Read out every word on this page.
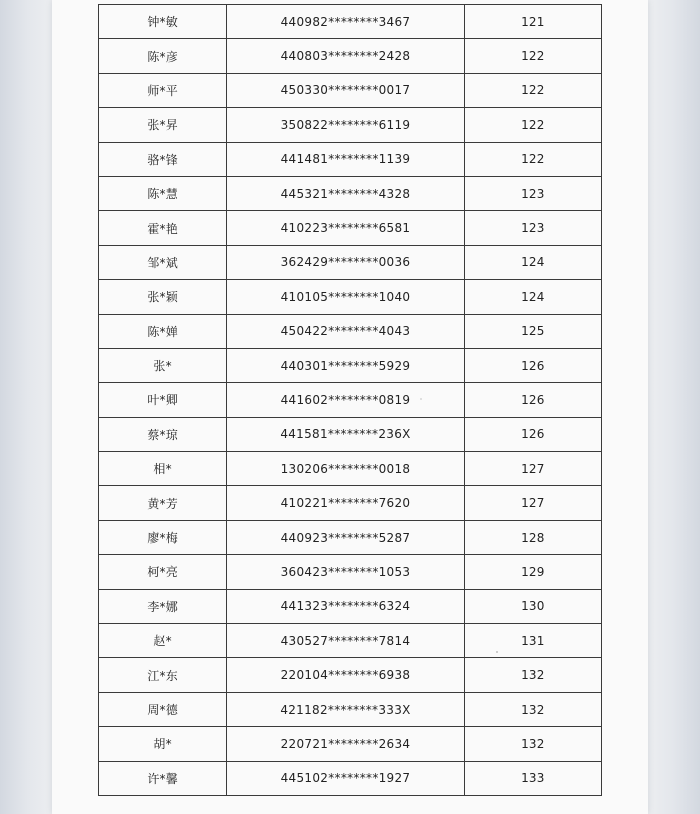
钟*敏	440982********3467	121
陈*彦	440803********2428	122
师*平	450330********0017	122
张*昇	350822********6119	122
骆*锋	441481********1139	122
陈*慧	445321********4328	123
霍*艳	410223********6581	123
邹*斌	362429********0036	124
张*颖	410105********1040	124
陈*婵	450422********4043	125
张*	440301********5929	126
叶*卿	441602********0819	126
蔡*琼	441581********236X	126
相*	130206********0018	127
黄*芳	410221********7620	127
廖*梅	440923********5287	128
柯*亮	360423********1053	129
李*娜	441323********6324	130
赵*	430527********7814	131
江*东	220104********6938	132
周*德	421182********333X	132
胡*	220721********2634	132
许*馨	445102********1927	133
